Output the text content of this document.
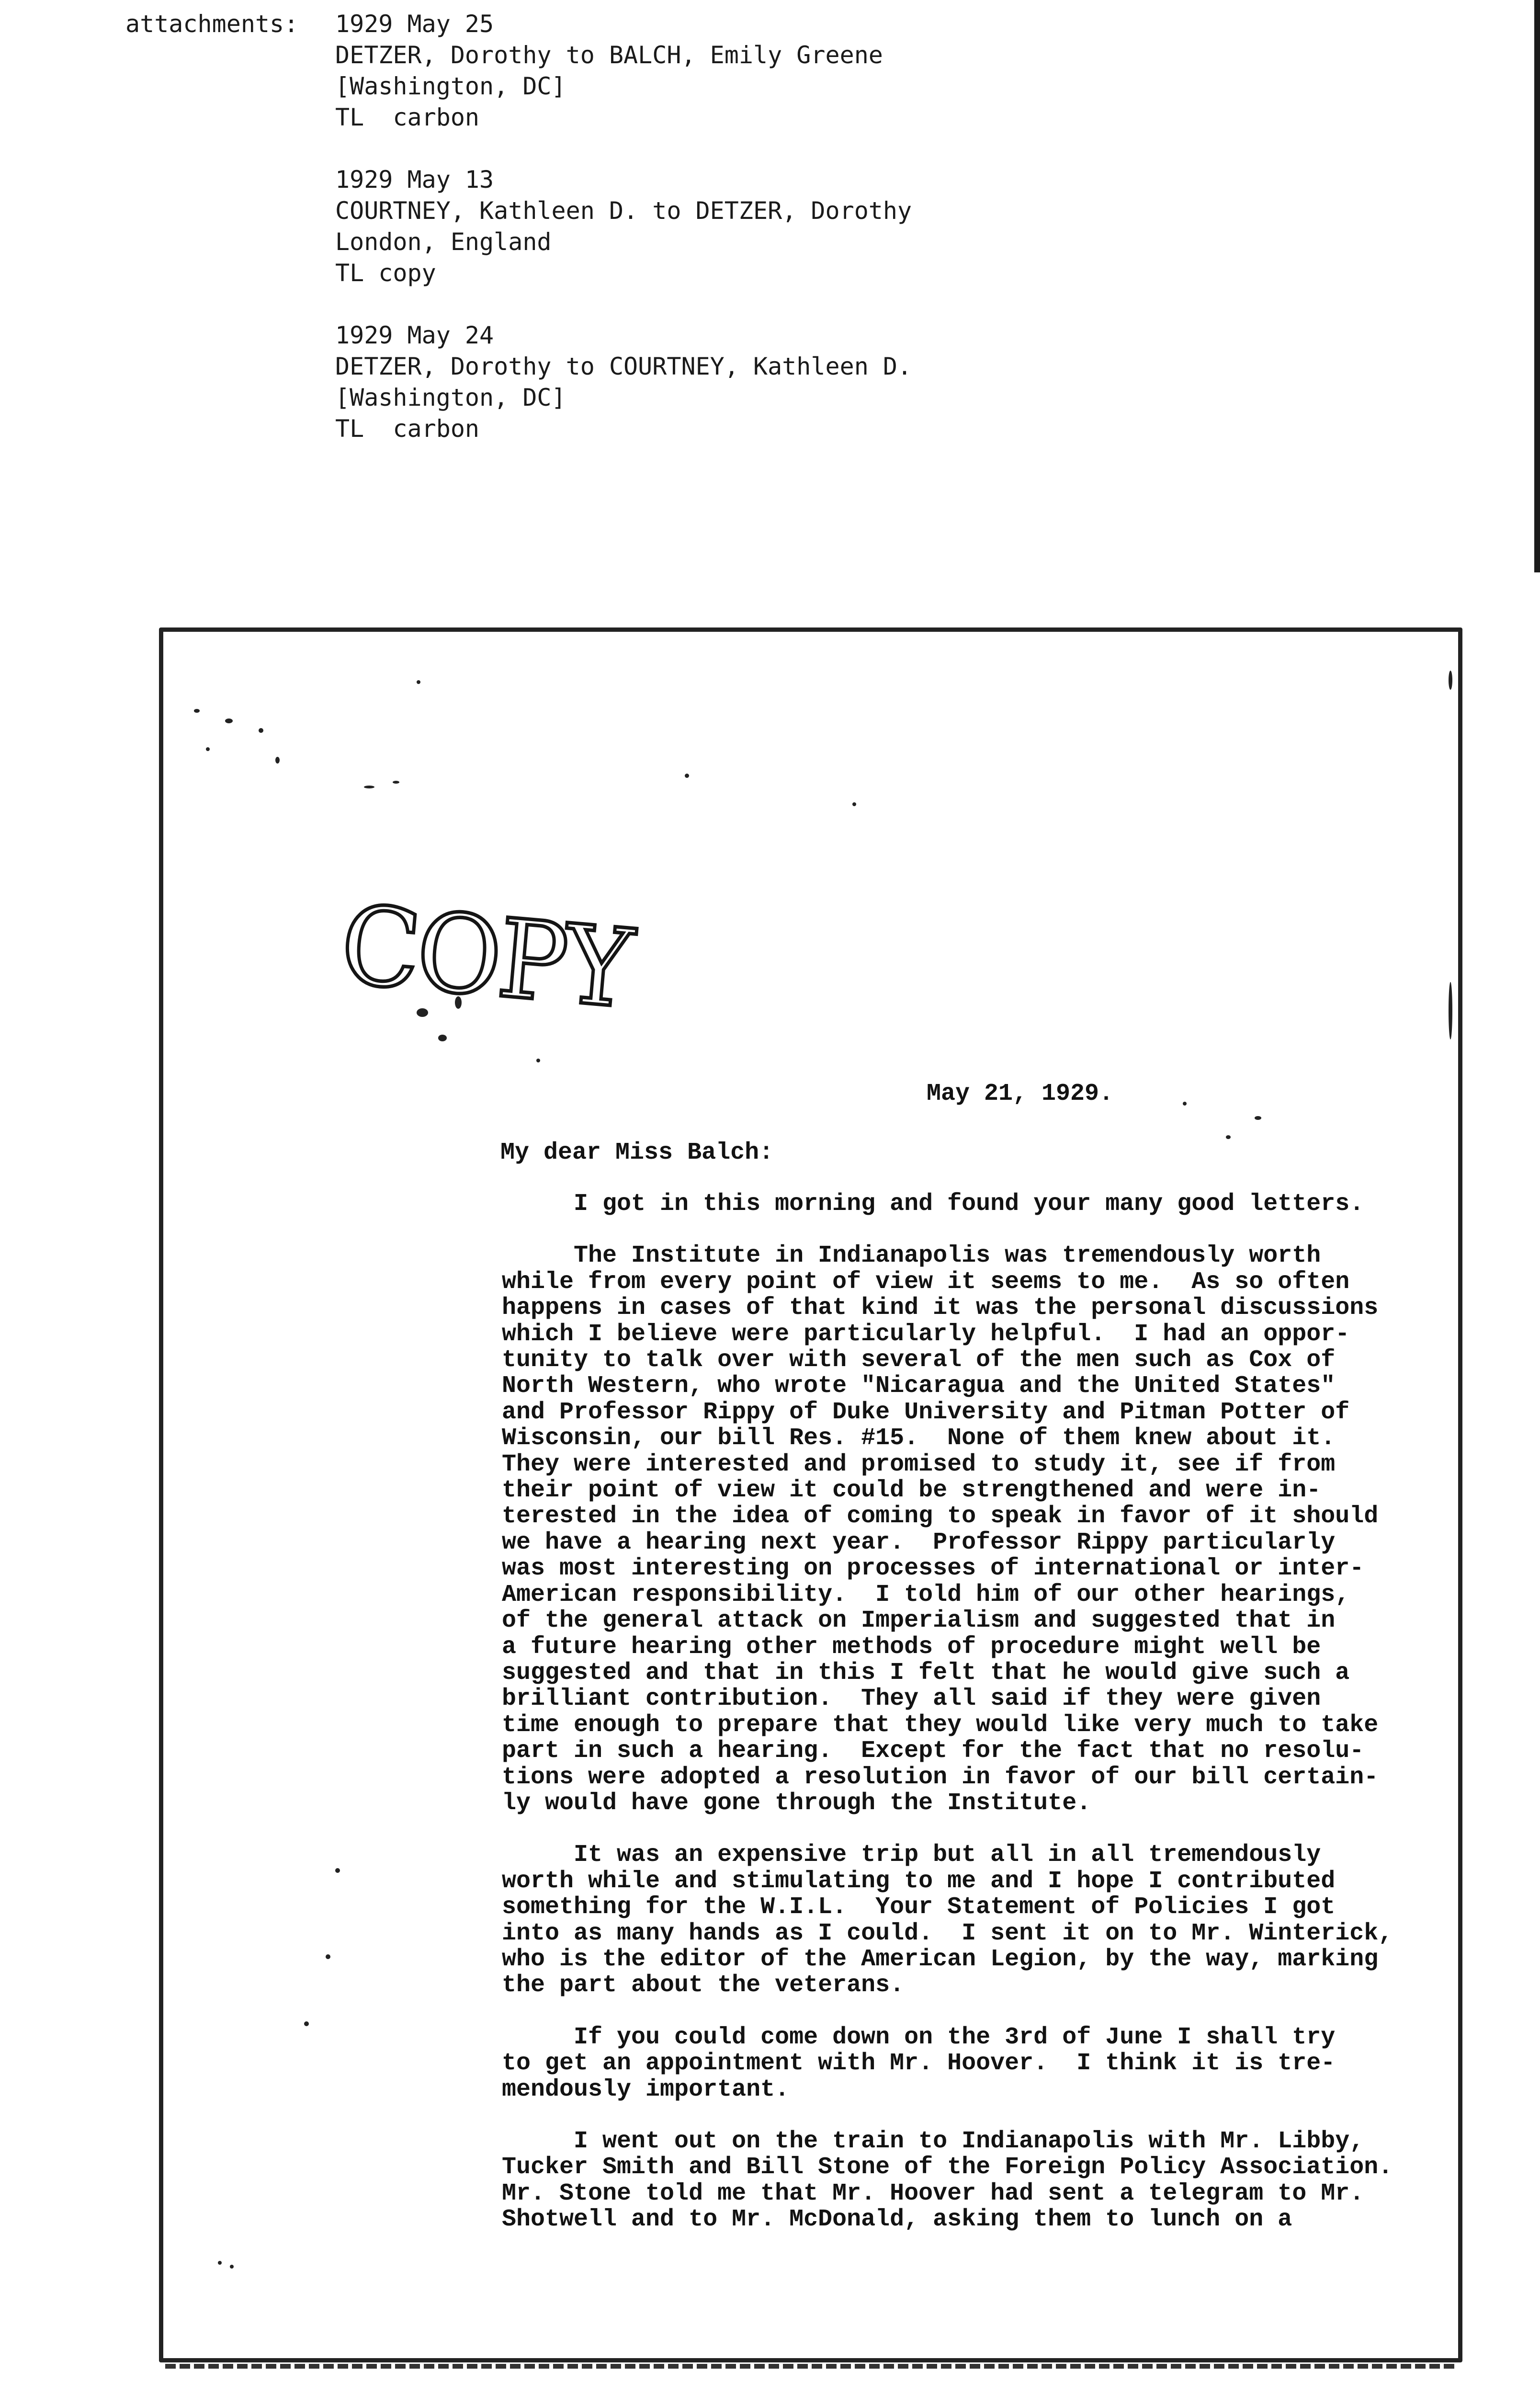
attachments:	1929 May 25
DETZER, Dorothy to BALCH, Emily Greene
[Washington, DC]
TL  carbon
1929 May 13
COURTNEY, Kathleen D. to DETZER, Dorothy
London, England
TL copy
1929 May 24
DETZER, Dorothy to COURTNEY, Kathleen D.
[Washington, DC]
TL  carbon
COPY
May 21, 1929.
My dear Miss Balch:
I got in this morning and found your many good letters.
The Institute in Indianapolis was tremendously worth
while from every point of view it seems to me.  As so often
happens in cases of that kind it was the personal discussions
which I believe were particularly helpful.  I had an oppor-
tunity to talk over with several of the men such as Cox of
North Western, who wrote "Nicaragua and the United States"
and Professor Rippy of Duke University and Pitman Potter of
Wisconsin, our bill Res. #15.  None of them knew about it.
They were interested and promised to study it, see if from
their point of view it could be strengthened and were in-
terested in the idea of coming to speak in favor of it should
we have a hearing next year.  Professor Rippy particularly
was most interesting on processes of international or inter-
American responsibility.  I told him of our other hearings,
of the general attack on Imperialism and suggested that in
a future hearing other methods of procedure might well be
suggested and that in this I felt that he would give such a
brilliant contribution.  They all said if they were given
time enough to prepare that they would like very much to take
part in such a hearing.  Except for the fact that no resolu-
tions were adopted a resolution in favor of our bill certain-
ly would have gone through the Institute.
It was an expensive trip but all in all tremendously
worth while and stimulating to me and I hope I contributed
something for the W.I.L.  Your Statement of Policies I got
into as many hands as I could.  I sent it on to Mr. Winterick,
who is the editor of the American Legion, by the way, marking
the part about the veterans.
If you could come down on the 3rd of June I shall try
to get an appointment with Mr. Hoover.  I think it is tre-
mendously important.
I went out on the train to Indianapolis with Mr. Libby,
Tucker Smith and Bill Stone of the Foreign Policy Association.
Mr. Stone told me that Mr. Hoover had sent a telegram to Mr.
Shotwell and to Mr. McDonald, asking them to lunch on a
